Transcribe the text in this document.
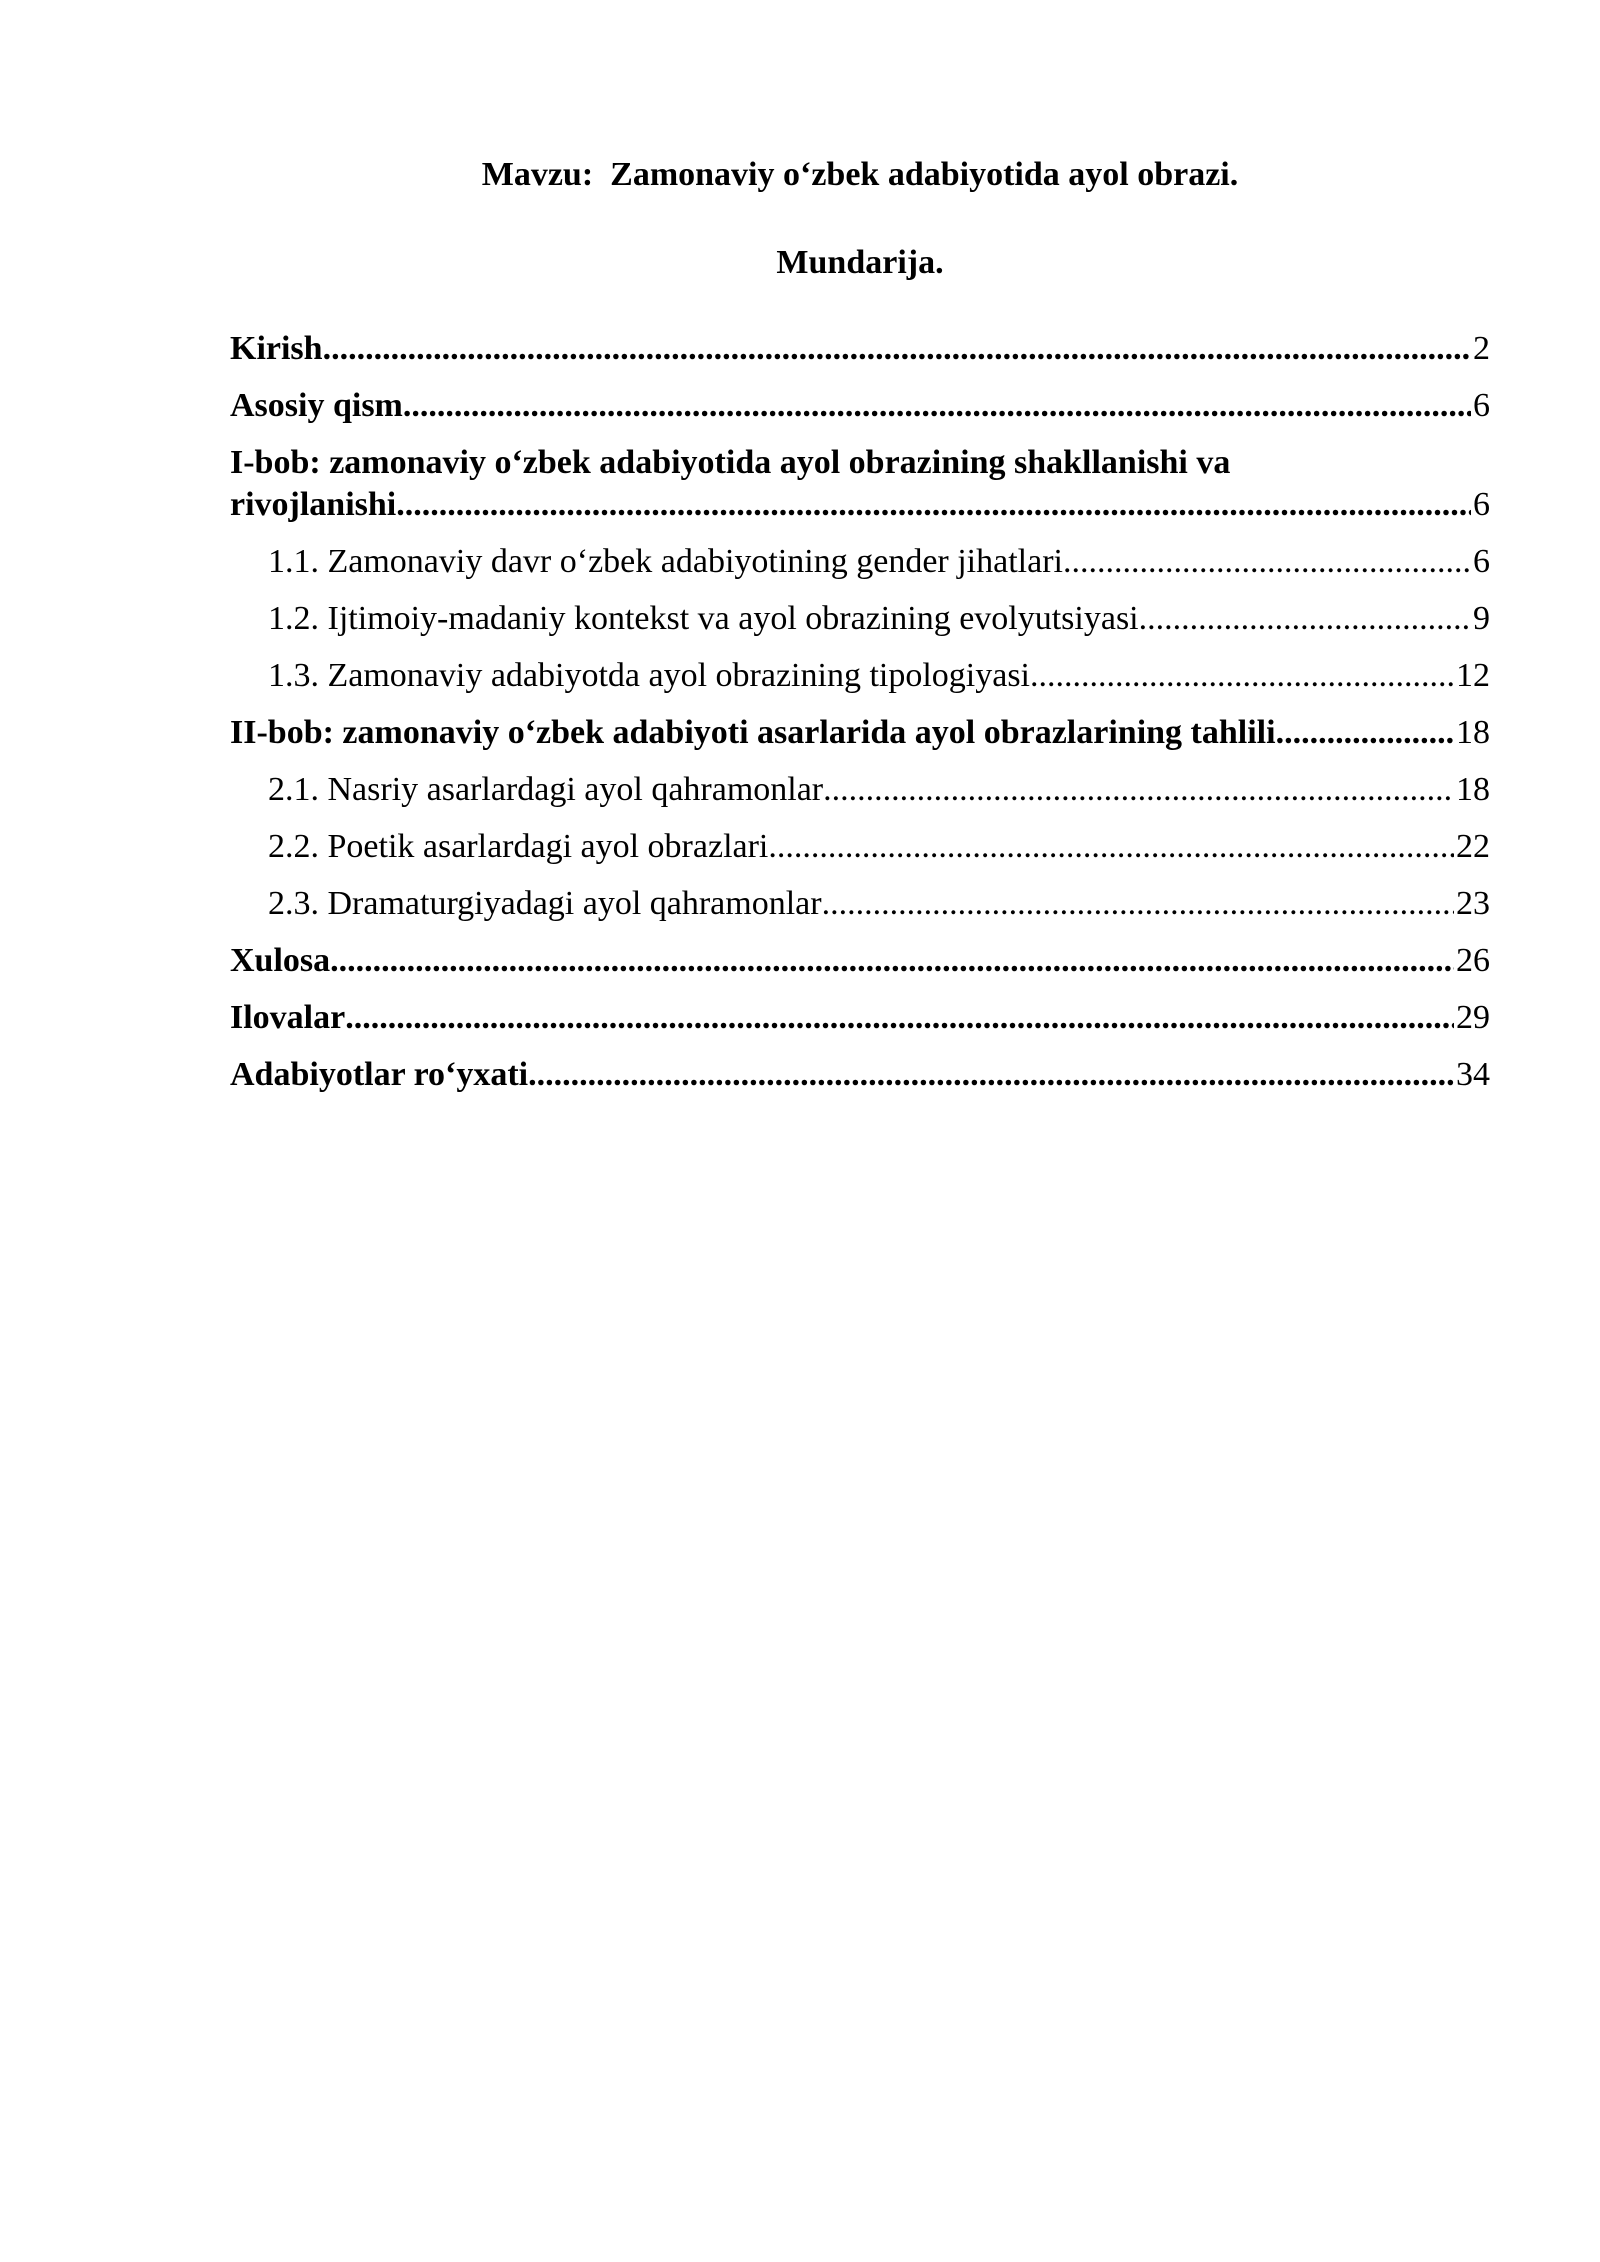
Mavzu:  Zamonaviy o‘zbek adabiyotida ayol obrazi.
Mundarija.
Kirish .....	2
Asosiy qism .....	6
I-bob: zamonaviy o‘zbek adabiyotida ayol obrazining shakllanishi va
rivojlanishi .....	6
1.1. Zamonaviy davr o‘zbek adabiyotining gender jihatlari .....	6
1.2. Ijtimoiy-madaniy kontekst va ayol obrazining evolyutsiyasi .....	9
1.3. Zamonaviy adabiyotda ayol obrazining tipologiyasi .....	12
II-bob: zamonaviy o‘zbek adabiyoti asarlarida ayol obrazlarining tahlili .....	18
2.1. Nasriy asarlardagi ayol qahramonlar .....	18
2.2. Poetik asarlardagi ayol obrazlari .....	22
2.3. Dramaturgiyadagi ayol qahramonlar .....	23
Xulosa .....	26
Ilovalar .....	29
Adabiyotlar ro‘yxati .....	34
